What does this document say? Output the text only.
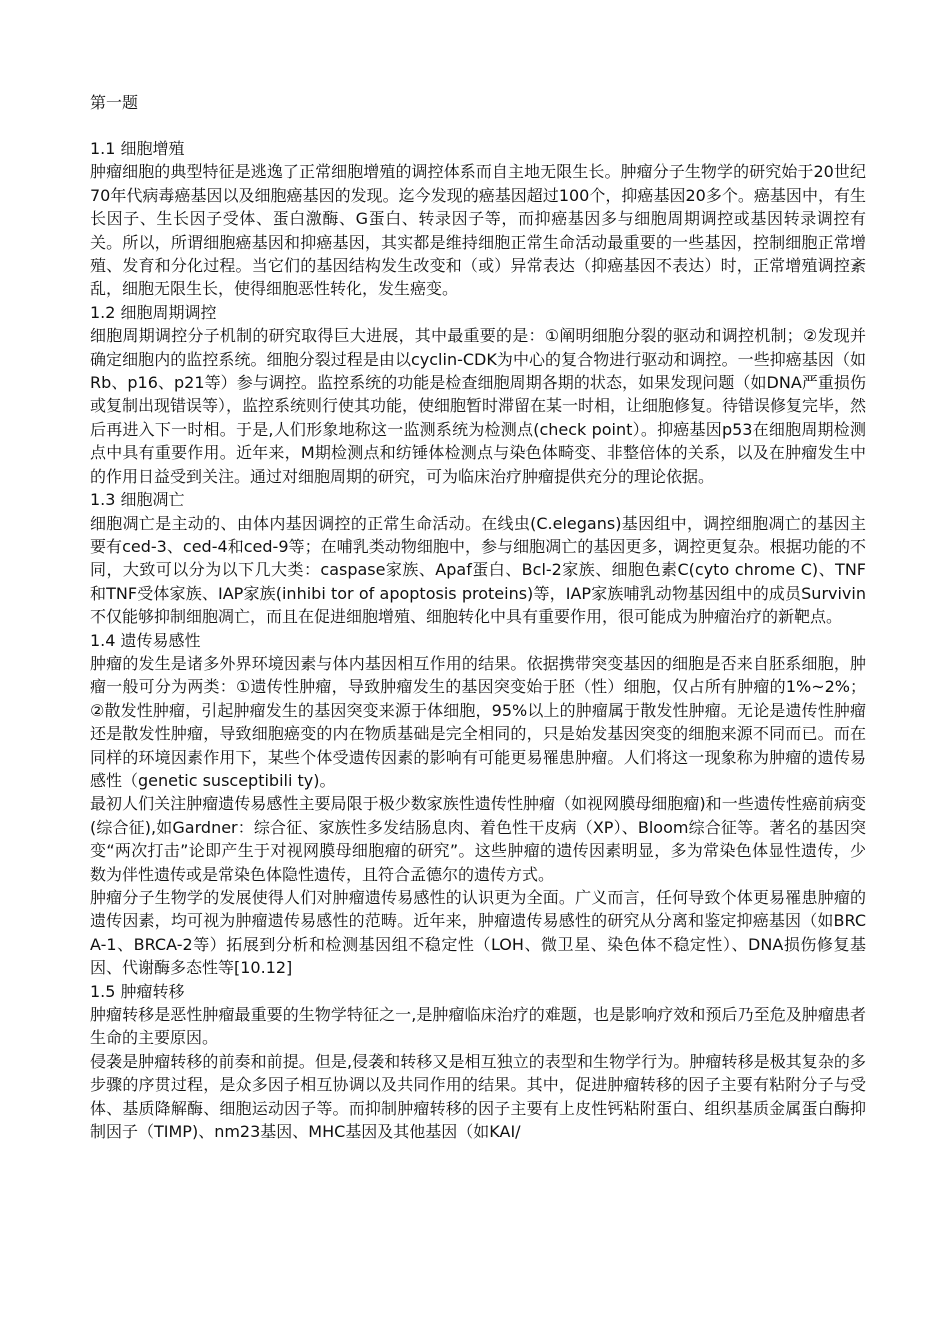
第一题

1.1 细胞增殖

肿瘤细胞的典型特征是逃逸了正常细胞增殖的调控体系而自主地无限生长。肿瘤分子生物学的研究始于20世纪70年代病毒癌基因以及细胞癌基因的发现。迄今发现的癌基因超过100个，抑癌基因20多个。癌基因中，有生长因子、生长因子受体、蛋白激酶、G蛋白、转录因子等，而抑癌基因多与细胞周期调控或基因转录调控有关。所以，所谓细胞癌基因和抑癌基因，其实都是维持细胞正常生命活动最重要的一些基因，控制细胞正常增殖、发育和分化过程。当它们的基因结构发生改变和（或）异常表达（抑癌基因不表达）时，正常增殖调控紊乱，细胞无限生长，使得细胞恶性转化，发生癌变。

1.2 细胞周期调控

细胞周期调控分子机制的研究取得巨大进展，其中最重要的是：①阐明细胞分裂的驱动和调控机制；②发现并确定细胞内的监控系统。细胞分裂过程是由以cyclin-CDK为中心的复合物进行驱动和调控。一些抑癌基因（如Rb、p16、p21等）参与调控。监控系统的功能是检查细胞周期各期的状态，如果发现问题（如DNA严重损伤或复制出现错误等），监控系统则行使其功能，使细胞暂时滞留在某一时相，让细胞修复。待错误修复完毕，然后再进入下一时相。于是,人们形象地称这一监测系统为检测点(check point）。抑癌基因p53在细胞周期检测点中具有重要作用。近年来，M期检测点和纺锤体检测点与染色体畸变、非整倍体的关系，以及在肿瘤发生中的作用日益受到关注。通过对细胞周期的研究，可为临床治疗肿瘤提供充分的理论依据。

1.3 细胞凋亡

细胞凋亡是主动的、由体内基因调控的正常生命活动。在线虫(C.elegans)基因组中，调控细胞凋亡的基因主要有ced-3、ced-4和ced-9等；在哺乳类动物细胞中，参与细胞凋亡的基因更多，调控更复杂。根据功能的不同，大致可以分为以下几大类：caspase家族、Apaf蛋白、Bcl-2家族、细胞色素C(cyto chrome C)、TNF和TNF受体家族、IAP家族(inhibi tor of apoptosis proteins)等，IAP家族哺乳动物基因组中的成员Survivin不仅能够抑制细胞凋亡，而且在促进细胞增殖、细胞转化中具有重要作用，很可能成为肿瘤治疗的新靶点。

1.4 遗传易感性

肿瘤的发生是诸多外界环境因素与体内基因相互作用的结果。依据携带突变基因的细胞是否来自胚系细胞，肿瘤一般可分为两类：①遗传性肿瘤，导致肿瘤发生的基因突变始于胚（性）细胞，仅占所有肿瘤的1%~2%；②散发性肿瘤，引起肿瘤发生的基因突变来源于体细胞，95%以上的肿瘤属于散发性肿瘤。无论是遗传性肿瘤还是散发性肿瘤，导致细胞癌变的内在物质基础是完全相同的，只是始发基因突变的细胞来源不同而已。而在同样的环境因素作用下，某些个体受遗传因素的影响有可能更易罹患肿瘤。人们将这一现象称为肿瘤的遗传易感性（genetic susceptibili ty)。

最初人们关注肿瘤遗传易感性主要局限于极少数家族性遗传性肿瘤（如视网膜母细胞瘤)和一些遗传性癌前病变(综合征),如Gardner：综合征、家族性多发结肠息肉、着色性干皮病（XP）、Bloom综合征等。著名的基因突变“两次打击”论即产生于对视网膜母细胞瘤的研究”。这些肿瘤的遗传因素明显，多为常染色体显性遗传，少数为伴性遗传或是常染色体隐性遗传，且符合孟德尔的遗传方式。

肿瘤分子生物学的发展使得人们对肿瘤遗传易感性的认识更为全面。广义而言，任何导致个体更易罹患肿瘤的遗传因素，均可视为肿瘤遗传易感性的范畴。近年来，肿瘤遗传易感性的研究从分离和鉴定抑癌基因（如BRCA-1、BRCA-2等）拓展到分析和检测基因组不稳定性（LOH、微卫星、染色体不稳定性）、DNA损伤修复基因、代谢酶多态性等[10.12]

1.5 肿瘤转移

肿瘤转移是恶性肿瘤最重要的生物学特征之一,是肿瘤临床治疗的难题，也是影响疗效和预后乃至危及肿瘤患者生命的主要原因。

侵袭是肿瘤转移的前奏和前提。但是,侵袭和转移又是相互独立的表型和生物学行为。肿瘤转移是极其复杂的多步骤的序贯过程，是众多因子相互协调以及共同作用的结果。其中，促进肿瘤转移的因子主要有粘附分子与受体、基质降解酶、细胞运动因子等。而抑制肿瘤转移的因子主要有上皮性钙粘附蛋白、组织基质金属蛋白酶抑制因子（TIMP)、nm23基因、MHC基因及其他基因（如KAI/
